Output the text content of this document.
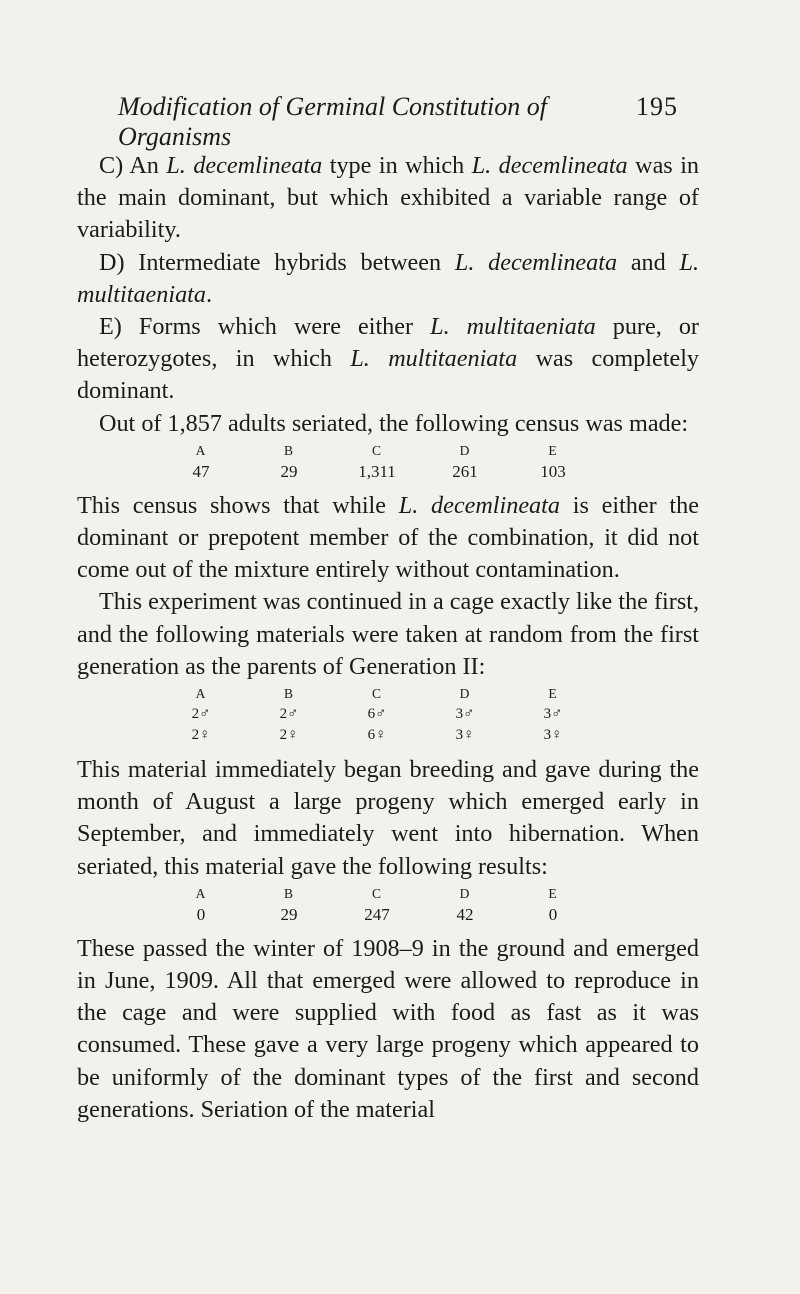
Modification of Germinal Constitution of Organisms
195

C) An L. decemlineata type in which L. decemlineata was in the main dominant, but which exhibited a variable range of variability.

D) Intermediate hybrids between L. decemlineata and L. multitaeniata.

E) Forms which were either L. multitaeniata pure, or heterozygotes, in which L. multitaeniata was completely dominant.

Out of 1,857 adults seriated, the following census was made:

A	B	C	D	E
47	29	1,311	261	103

This census shows that while L. decemlineata is either the dominant or prepotent member of the combination, it did not come out of the mixture entirely without contamination.

This experiment was continued in a cage exactly like the first, and the following materials were taken at random from the first generation as the parents of Generation II:

A	B	C	D	E
2♂	2♂	6♂	3♂	3♂
2♀	2♀	6♀	3♀	3♀

This material immediately began breeding and gave during the month of August a large progeny which emerged early in September, and immediately went into hibernation. When seriated, this material gave the following results:

A	B	C	D	E
0	29	247	42	0

These passed the winter of 1908–9 in the ground and emerged in June, 1909. All that emerged were allowed to reproduce in the cage and were supplied with food as fast as it was consumed. These gave a very large progeny which appeared to be uniformly of the dominant types of the first and second generations. Seriation of the material
